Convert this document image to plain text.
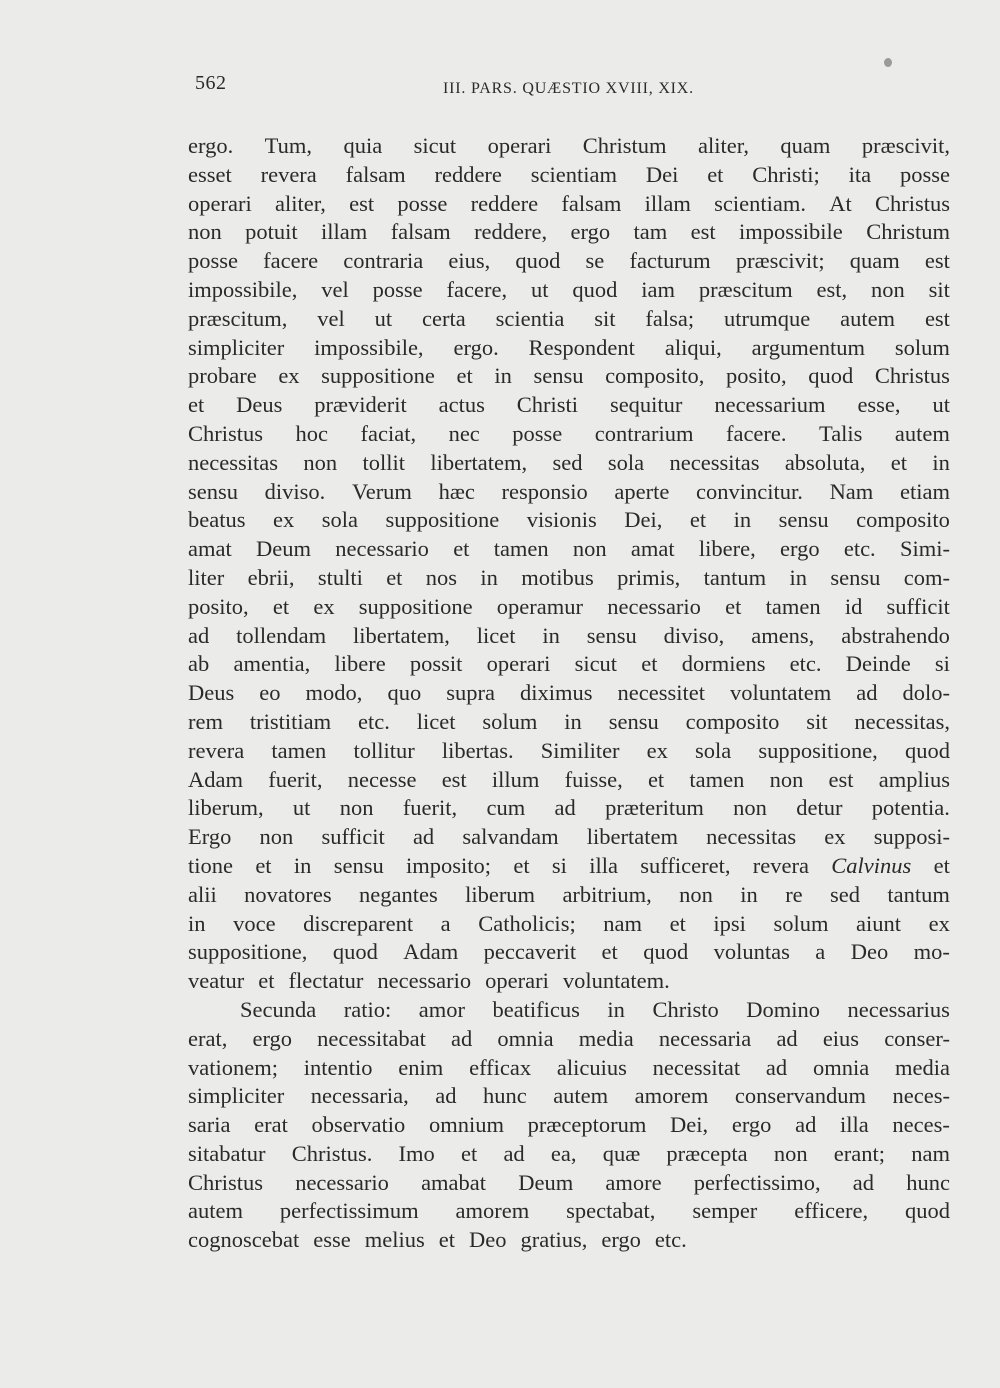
562	III. PARS. QUÆSTIO XVIII, XIX.
ergo. Tum, quia sicut operari Christum aliter, quam præscivit,
esset revera falsam reddere scientiam Dei et Christi; ita posse
operari aliter, est posse reddere falsam illam scientiam. At Christus
non potuit illam falsam reddere, ergo tam est impossibile Christum
posse facere contraria eius, quod se facturum præscivit; quam est
impossibile, vel posse facere, ut quod iam præscitum est, non sit
præscitum, vel ut certa scientia sit falsa; utrumque autem est
simpliciter impossibile, ergo. Respondent aliqui, argumentum solum
probare ex suppositione et in sensu composito, posito, quod Christus
et Deus præviderit actus Christi sequitur necessarium esse, ut
Christus hoc faciat, nec posse contrarium facere. Talis autem
necessitas non tollit libertatem, sed sola necessitas absoluta, et in
sensu diviso. Verum hæc responsio aperte convincitur. Nam etiam
beatus ex sola suppositione visionis Dei, et in sensu composito
amat Deum necessario et tamen non amat libere, ergo etc. Simi-
liter ebrii, stulti et nos in motibus primis, tantum in sensu com-
posito, et ex suppositione operamur necessario et tamen id sufficit
ad tollendam libertatem, licet in sensu diviso, amens, abstrahendo
ab amentia, libere possit operari sicut et dormiens etc. Deinde si
Deus eo modo, quo supra diximus necessitet voluntatem ad dolo-
rem tristitiam etc. licet solum in sensu composito sit necessitas,
revera tamen tollitur libertas. Similiter ex sola suppositione, quod
Adam fuerit, necesse est illum fuisse, et tamen non est amplius
liberum, ut non fuerit, cum ad præteritum non detur potentia.
Ergo non sufficit ad salvandam libertatem necessitas ex supposi-
tione et in sensu imposito; et si illa sufficeret, revera Calvinus et
alii novatores negantes liberum arbitrium, non in re sed tantum
in voce discreparent a Catholicis; nam et ipsi solum aiunt ex
suppositione, quod Adam peccaverit et quod voluntas a Deo mo-
veatur et flectatur necessario operari voluntatem.
Secunda ratio: amor beatificus in Christo Domino necessarius
erat, ergo necessitabat ad omnia media necessaria ad eius conser-
vationem; intentio enim efficax alicuius necessitat ad omnia media
simpliciter necessaria, ad hunc autem amorem conservandum neces-
saria erat observatio omnium præceptorum Dei, ergo ad illa neces-
sitabatur Christus. Imo et ad ea, quæ præcepta non erant; nam
Christus necessario amabat Deum amore perfectissimo, ad hunc
autem perfectissimum amorem spectabat, semper efficere, quod
cognoscebat esse melius et Deo gratius, ergo etc.
